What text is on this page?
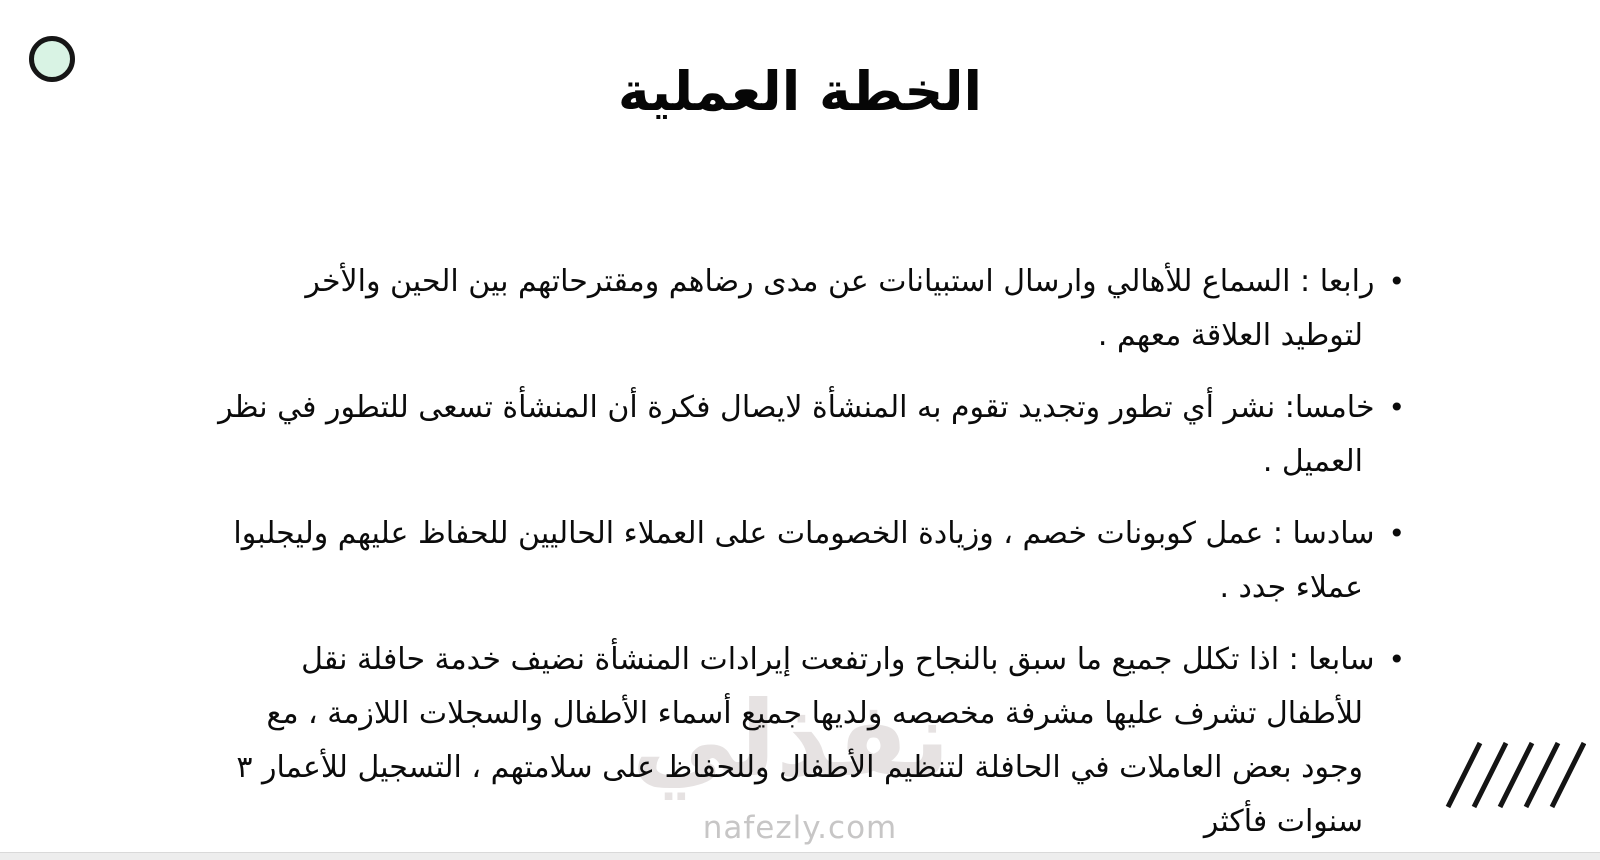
الخطة العملية
•رابعا : السماع للأهالي وارسال استبيانات عن مدى رضاهم ومقترحاتهم بين الحين والأخر
لتوطيد العلاقة معهم .
•خامسا: نشر أي تطور وتجديد تقوم به المنشأة لايصال فكرة أن المنشأة تسعى للتطور في نظر
العميل .
•سادسا : عمل كوبونات خصم ، وزيادة الخصومات على العملاء الحاليين للحفاظ عليهم وليجلبوا
عملاء جدد .
•سابعا : اذا تكلل جميع ما سبق بالنجاح وارتفعت إيرادات المنشأة نضيف خدمة حافلة نقل
للأطفال تشرف عليها مشرفة مخصصه ولديها جميع أسماء الأطفال والسجلات اللازمة ، مع
وجود بعض العاملات في الحافلة لتنظيم الأطفال وللحفاظ على سلامتهم ، التسجيل للأعمار ٣
سنوات فأكثر
نفذلي
nafezly.com
